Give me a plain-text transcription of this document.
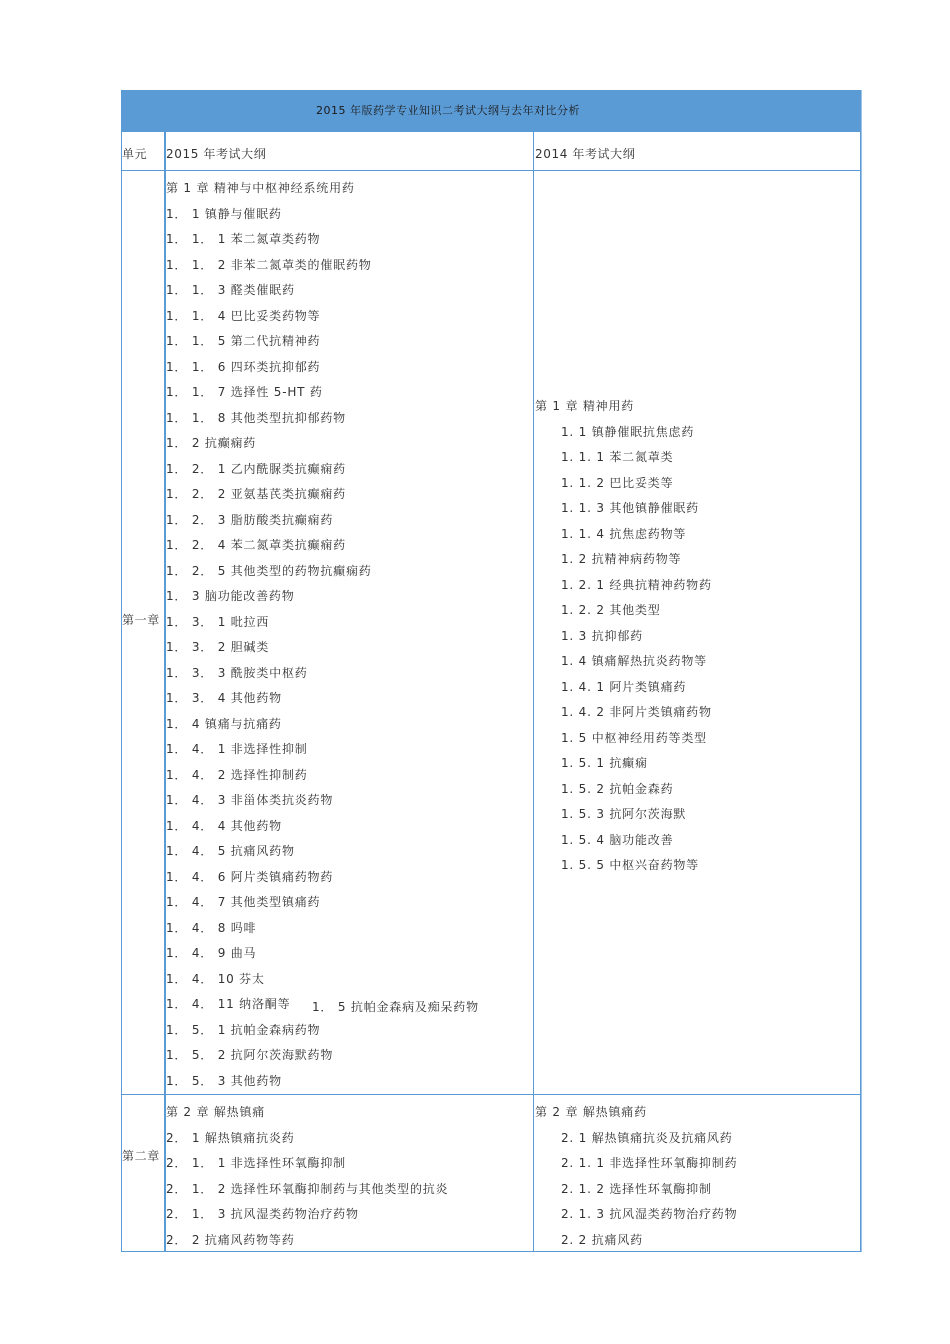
2015 年版药学专业知识二考试大纲与去年对比分析
单元 2015 年考试大纲	2014 年考试大纲
第一章
第二章
第 1 章 精神与中枢神经系统用药
1． 1 镇静与催眠药
1． 1． 1 苯二氮䓬类药物
1． 1． 2 非苯二氮䓬类的催眠药物
1． 1． 3 醛类催眠药
1． 1． 4 巴比妥类药物等
1． 1． 5 第二代抗精神药
1． 1． 6 四环类抗抑郁药
1． 1． 7 选择性 5-HT 药
1． 1． 8 其他类型抗抑郁药物
1． 2 抗癫痫药
1． 2． 1 乙内酰脲类抗癫痫药
1． 2． 2 亚氨基芪类抗癫痫药
1． 2． 3 脂肪酸类抗癫痫药
1． 2． 4 苯二氮䓬类抗癫痫药
1． 2． 5 其他类型的药物抗癫痫药
1． 3 脑功能改善药物
1． 3． 1 吡拉西
1． 3． 2 胆碱类
1． 3． 3 酰胺类中枢药
1． 3． 4 其他药物
1． 4 镇痛与抗痛药
1． 4． 1 非选择性抑制
1． 4． 2 选择性抑制药
1． 4． 3 非甾体类抗炎药物
1． 4． 4 其他药物
1． 4． 5 抗痛风药物
1． 4． 6 阿片类镇痛药物药
1． 4． 7 其他类型镇痛药
1． 4． 8 吗啡
1． 4． 9 曲马
1． 4． 10 芬太
1． 4． 11 纳洛酮等
1． 5． 1 抗帕金森病药物
1． 5． 2 抗阿尔茨海默药物
1． 5． 3 其他药物
1． 5 抗帕金森病及痴呆药物
第 1 章 精神用药
1. 1 镇静催眠抗焦虑药
1. 1. 1 苯二氮䓬类
1. 1. 2 巴比妥类等
1. 1. 3 其他镇静催眠药
1. 1. 4 抗焦虑药物等
1. 2 抗精神病药物等
1. 2. 1 经典抗精神药物药
1. 2. 2 其他类型
1. 3 抗抑郁药
1. 4 镇痛解热抗炎药物等
1. 4. 1 阿片类镇痛药
1. 4. 2 非阿片类镇痛药物
1. 5 中枢神经用药等类型
1. 5. 1 抗癫痫
1. 5. 2 抗帕金森药
1. 5. 3 抗阿尔茨海默
1. 5. 4 脑功能改善
1. 5. 5 中枢兴奋药物等
第 2 章 解热镇痛
2． 1 解热镇痛抗炎药
2． 1． 1 非选择性环氧酶抑制
2． 1． 2 选择性环氧酶抑制药与其他类型的抗炎
2． 1． 3 抗风湿类药物治疗药物
2． 2 抗痛风药物等药
第 2 章 解热镇痛药
2. 1 解热镇痛抗炎及抗痛风药
2. 1. 1 非选择性环氧酶抑制药
2. 1. 2 选择性环氧酶抑制
2. 1. 3 抗风湿类药物治疗药物
2. 2 抗痛风药
